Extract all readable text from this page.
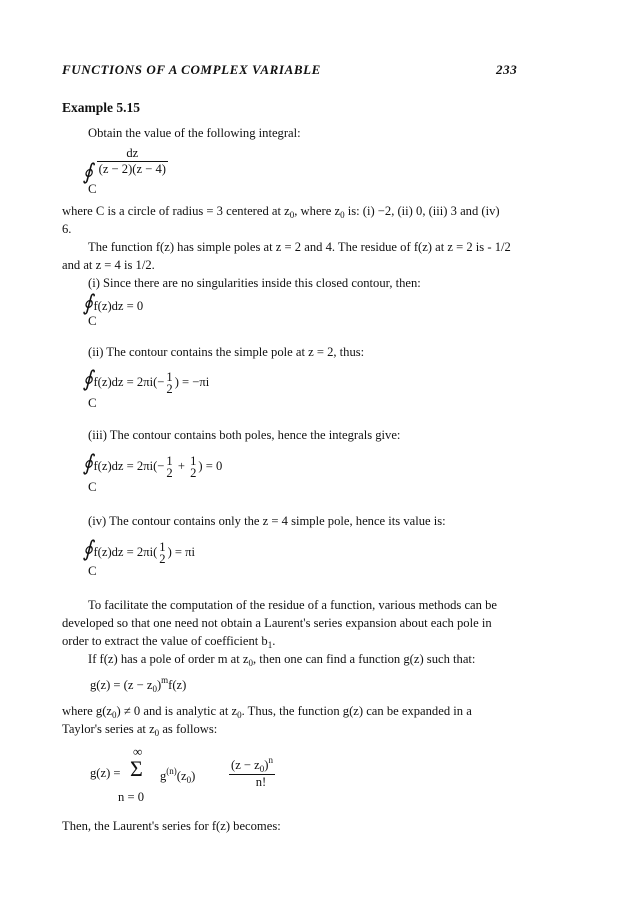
FUNCTIONS OF A COMPLEX VARIABLE	233
Example 5.15
Obtain the value of the following integral:
∮ $\frac{dz}{(z - 2)(z - 4)}$
C
where C is a circle of radius = 3 centered at $z_0$, where $z_0$ is: (i) −2, (ii) 0, (iii) 3 and (iv)
6.
The function f(z) has simple poles at z = 2 and 4. The residue of f(z) at z = 2 is - 1/2
and at z = 4 is 1/2.
(i) Since there are no singularities inside this closed contour, then:
∮f(z)dz = 0
C
(ii) The contour contains the simple pole at z = 2, thus:
∮f(z)dz = 2πi(− 1
2
) = −πi
C
(iii) The contour contains both poles, hence the integrals give:
∮f(z)dz = 2πi(− 1
2
+ 1
2
) = 0
C
(iv) The contour contains only the z = 4 simple pole, hence its value is:
∮f(z)dz = 2πi( 1
2
) = πi
C
To facilitate the computation of the residue of a function, various methods can be
developed so that one need not obtain a Laurent's series expansion about each pole in
order to extract the value of coefficient $b_1$.
If f(z) has a pole of order m at $z_0$, then one can find a function g(z) such that:
$g(z) = (z - z_0)^mf(z)$
where $g(z_0) \ne 0$ and is analytic at $z_0$. Thus, the function g(z) can be expanded in a
Taylor's series at $z_0$ as follows:
g(z) =
∞
Σ
n = 0
$g^{(n)}(z_0)$	$\frac{(z - z_0)^n}{n!}$
Then, the Laurent's series for f(z) becomes:
